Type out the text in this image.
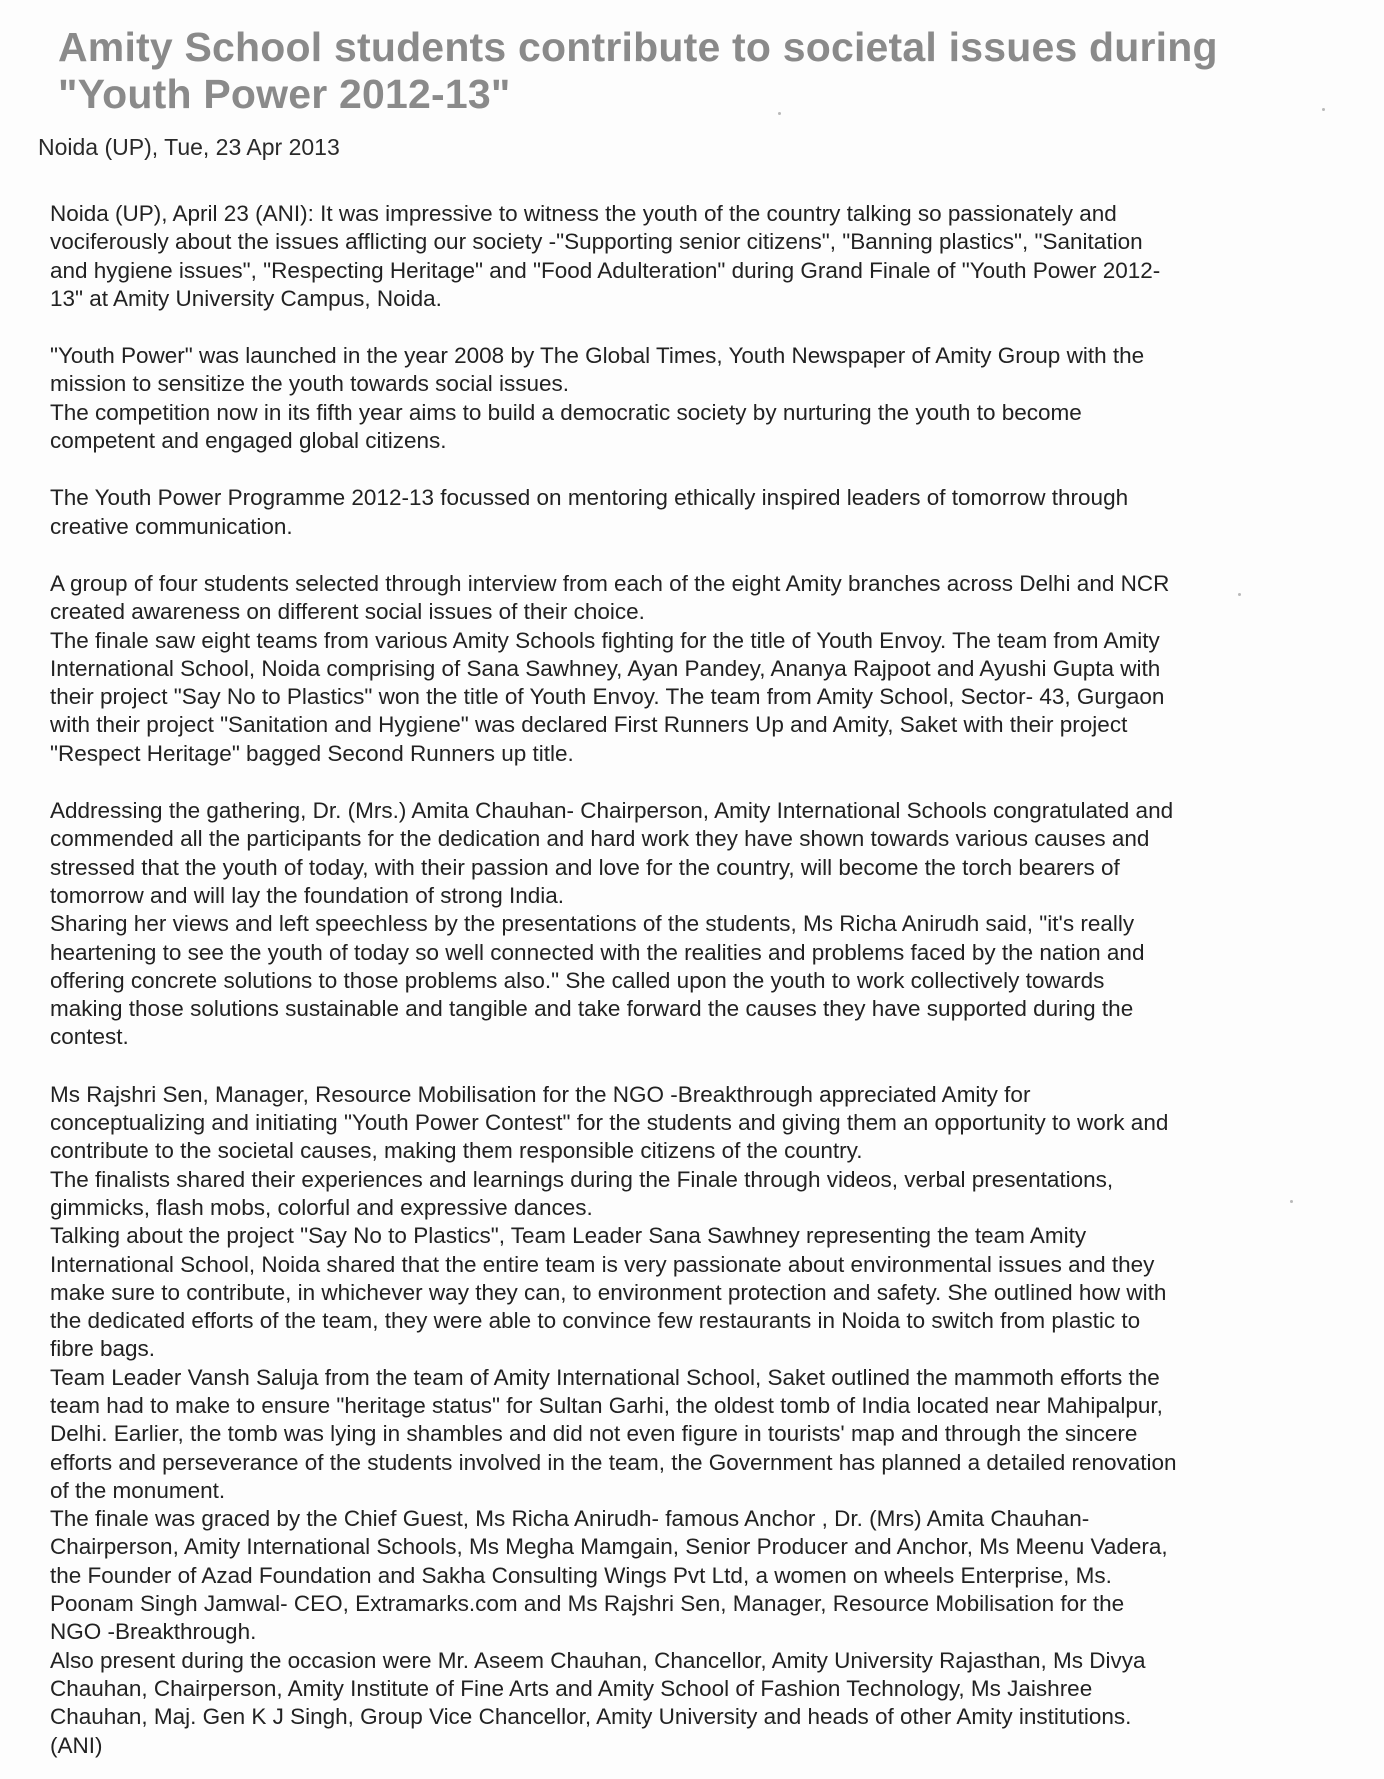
Amity School students contribute to societal issues during
"Youth Power 2012-13"

Noida (UP), Tue, 23 Apr 2013

Noida (UP), April 23 (ANI): It was impressive to witness the youth of the country talking so passionately and
vociferously about the issues afflicting our society -"Supporting senior citizens", "Banning plastics", "Sanitation
and hygiene issues", "Respecting Heritage" and "Food Adulteration" during Grand Finale of "Youth Power 2012-
13" at Amity University Campus, Noida.

"Youth Power" was launched in the year 2008 by The Global Times, Youth Newspaper of Amity Group with the
mission to sensitize the youth towards social issues.
The competition now in its fifth year aims to build a democratic society by nurturing the youth to become
competent and engaged global citizens.

The Youth Power Programme 2012-13 focussed on mentoring ethically inspired leaders of tomorrow through
creative communication.

A group of four students selected through interview from each of the eight Amity branches across Delhi and NCR
created awareness on different social issues of their choice.
The finale saw eight teams from various Amity Schools fighting for the title of Youth Envoy. The team from Amity
International School, Noida comprising of Sana Sawhney, Ayan Pandey, Ananya Rajpoot and Ayushi Gupta with
their project "Say No to Plastics" won the title of Youth Envoy. The team from Amity School, Sector- 43, Gurgaon
with their project "Sanitation and Hygiene" was declared First Runners Up and Amity, Saket with their project
"Respect Heritage" bagged Second Runners up title.

Addressing the gathering, Dr. (Mrs.) Amita Chauhan- Chairperson, Amity International Schools congratulated and
commended all the participants for the dedication and hard work they have shown towards various causes and
stressed that the youth of today, with their passion and love for the country, will become the torch bearers of
tomorrow and will lay the foundation of strong India.
Sharing her views and left speechless by the presentations of the students, Ms Richa Anirudh said, "it's really
heartening to see the youth of today so well connected with the realities and problems faced by the nation and
offering concrete solutions to those problems also." She called upon the youth to work collectively towards
making those solutions sustainable and tangible and take forward the causes they have supported during the
contest.

Ms Rajshri Sen, Manager, Resource Mobilisation for the NGO -Breakthrough appreciated Amity for
conceptualizing and initiating "Youth Power Contest" for the students and giving them an opportunity to work and
contribute to the societal causes, making them responsible citizens of the country.
The finalists shared their experiences and learnings during the Finale through videos, verbal presentations,
gimmicks, flash mobs, colorful and expressive dances.
Talking about the project "Say No to Plastics", Team Leader Sana Sawhney representing the team Amity
International School, Noida shared that the entire team is very passionate about environmental issues and they
make sure to contribute, in whichever way they can, to environment protection and safety. She outlined how with
the dedicated efforts of the team, they were able to convince few restaurants in Noida to switch from plastic to
fibre bags.
Team Leader Vansh Saluja from the team of Amity International School, Saket outlined the mammoth efforts the
team had to make to ensure "heritage status" for Sultan Garhi, the oldest tomb of India located near Mahipalpur,
Delhi. Earlier, the tomb was lying in shambles and did not even figure in tourists' map and through the sincere
efforts and perseverance of the students involved in the team, the Government has planned a detailed renovation
of the monument.
The finale was graced by the Chief Guest, Ms Richa Anirudh- famous Anchor , Dr. (Mrs) Amita Chauhan-
Chairperson, Amity International Schools, Ms Megha Mamgain, Senior Producer and Anchor, Ms Meenu Vadera,
the Founder of Azad Foundation and Sakha Consulting Wings Pvt Ltd, a women on wheels Enterprise, Ms.
Poonam Singh Jamwal- CEO, Extramarks.com and Ms Rajshri Sen, Manager, Resource Mobilisation for the
NGO -Breakthrough.
Also present during the occasion were Mr. Aseem Chauhan, Chancellor, Amity University Rajasthan, Ms Divya
Chauhan, Chairperson, Amity Institute of Fine Arts and Amity School of Fashion Technology, Ms Jaishree
Chauhan, Maj. Gen K J Singh, Group Vice Chancellor, Amity University and heads of other Amity institutions.
(ANI)
